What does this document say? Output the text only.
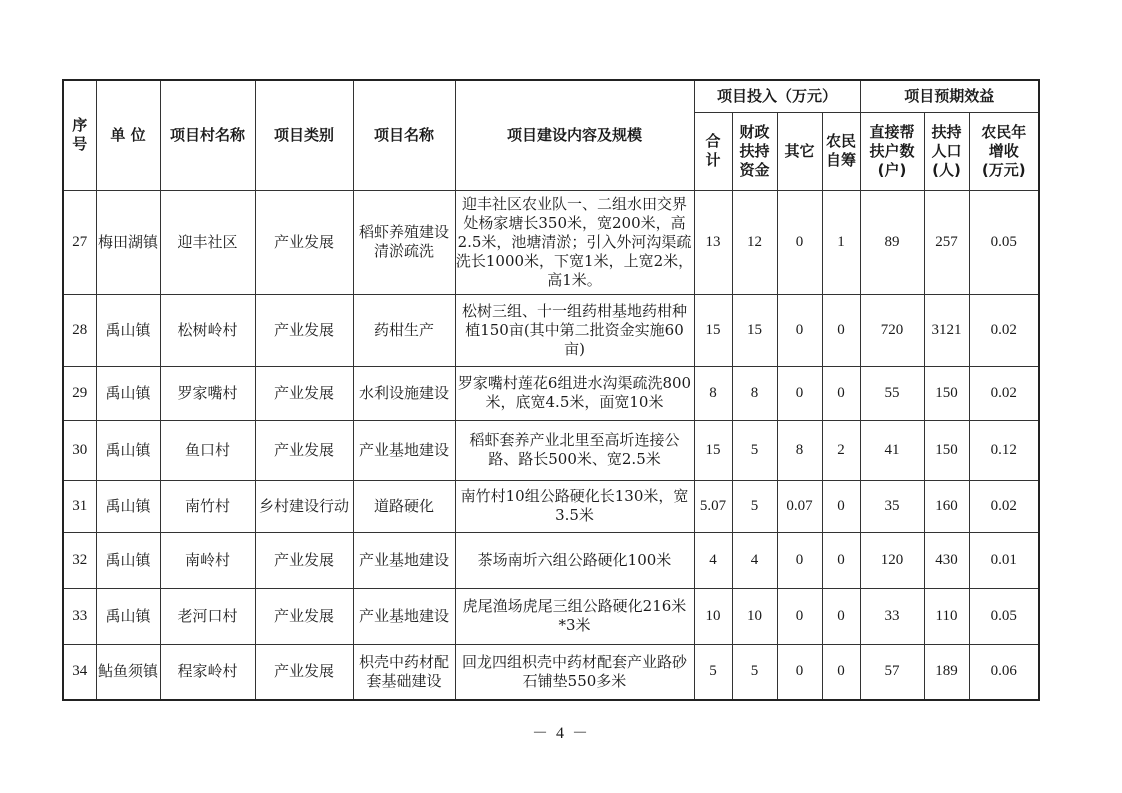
序号	单 位	项目村名称	项目类别	项目名称	项目建设内容及规模	项目投入（万元）				项目预期效益		

						合计	财政扶持资金	其它	农民自筹	直接帮扶户数(户)	扶持人口(人)	农民年增收(万元)

27	梅田湖镇	迎丰社区	产业发展	稻虾养殖建设清淤疏洗	迎丰社区农业队一、二组水田交界处杨家塘长350米，宽200米，高2.5米，池塘清淤；引入外河沟渠疏洗长1000米，下宽1米，上宽2米，高1米。	13	12	0	1	89	257	0.05
28	禹山镇	松树岭村	产业发展	药柑生产	松树三组、十一组药柑基地药柑种植150亩(其中第二批资金实施60亩)	15	15	0	0	720	3121	0.02
29	禹山镇	罗家嘴村	产业发展	水利设施建设	罗家嘴村莲花6组进水沟渠疏洗800米，底宽4.5米，面宽10米	8	8	0	0	55	150	0.02
30	禹山镇	鱼口村	产业发展	产业基地建设	稻虾套养产业北里至高圻连接公路、路长500米、宽2.5米	15	5	8	2	41	150	0.12
31	禹山镇	南竹村	乡村建设行动	道路硬化	南竹村10组公路硬化长130米，宽3.5米	5.07	5	0.07	0	35	160	0.02
32	禹山镇	南岭村	产业发展	产业基地建设	茶场南圻六组公路硬化100米	4	4	0	0	120	430	0.01
33	禹山镇	老河口村	产业发展	产业基地建设	虎尾渔场虎尾三组公路硬化216米*3米	10	10	0	0	33	110	0.05
34	鲇鱼须镇	程家岭村	产业发展	枳壳中药材配套基础建设	回龙四组枳壳中药材配套产业路砂石铺垫550多米	5	5	0	0	57	189	0.06
－ 4 －
